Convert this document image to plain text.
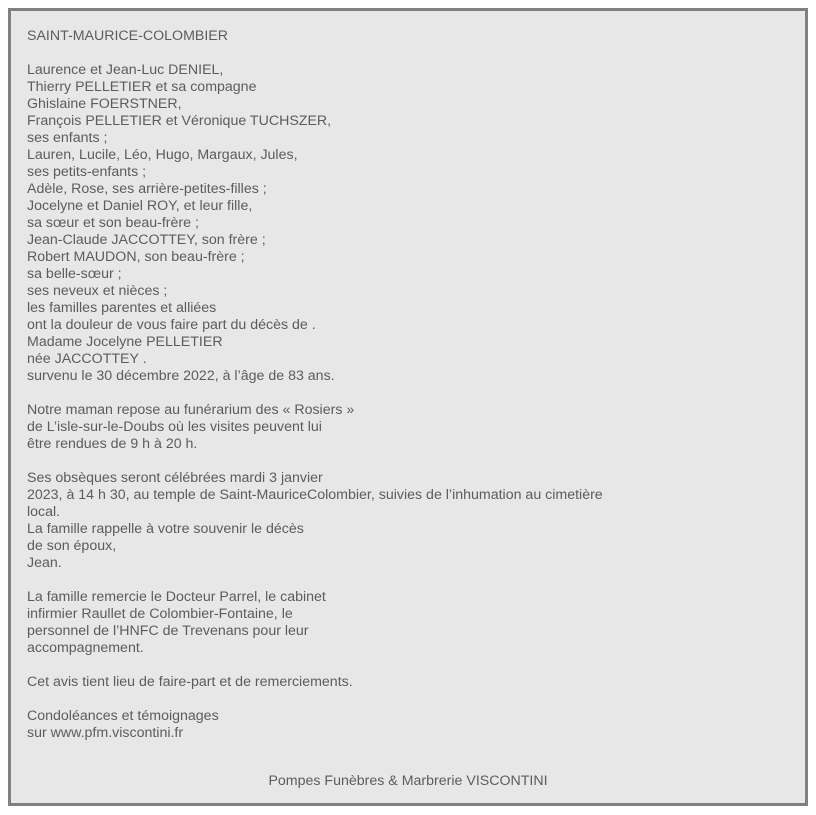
SAINT-MAURICE-COLOMBIER
Laurence et Jean-Luc DENIEL,
Thierry PELLETIER et sa compagne
Ghislaine FOERSTNER,
François PELLETIER et Véronique TUCHSZER,
ses enfants ;
Lauren, Lucile, Léo, Hugo, Margaux, Jules,
ses petits-enfants ;
Adèle, Rose, ses arrière-petites-filles ;
Jocelyne et Daniel ROY, et leur fille,
sa sœur et son beau-frère ;
Jean-Claude JACCOTTEY, son frère ;
Robert MAUDON, son beau-frère ;
sa belle-sœur ;
ses neveux et nièces ;
les familles parentes et alliées
ont la douleur de vous faire part du décès de .
Madame Jocelyne PELLETIER
née JACCOTTEY .
survenu le 30 décembre 2022, à l’âge de 83 ans.
Notre maman repose au funérarium des « Rosiers »
de L’isle-sur-le-Doubs où les visites peuvent lui
être rendues de 9 h à 20 h.
Ses obsèques seront célébrées mardi 3 janvier
2023, à 14 h 30, au temple de Saint-MauriceColombier, suivies de l’inhumation au cimetière
local.
La famille rappelle à votre souvenir le décès
de son époux,
Jean.
La famille remercie le Docteur Parrel, le cabinet
infirmier Raullet de Colombier-Fontaine, le
personnel de l’HNFC de Trevenans pour leur
accompagnement.
Cet avis tient lieu de faire-part et de remerciements.
Condoléances et témoignages
sur www.pfm.viscontini.fr
Pompes Funèbres & Marbrerie VISCONTINI
